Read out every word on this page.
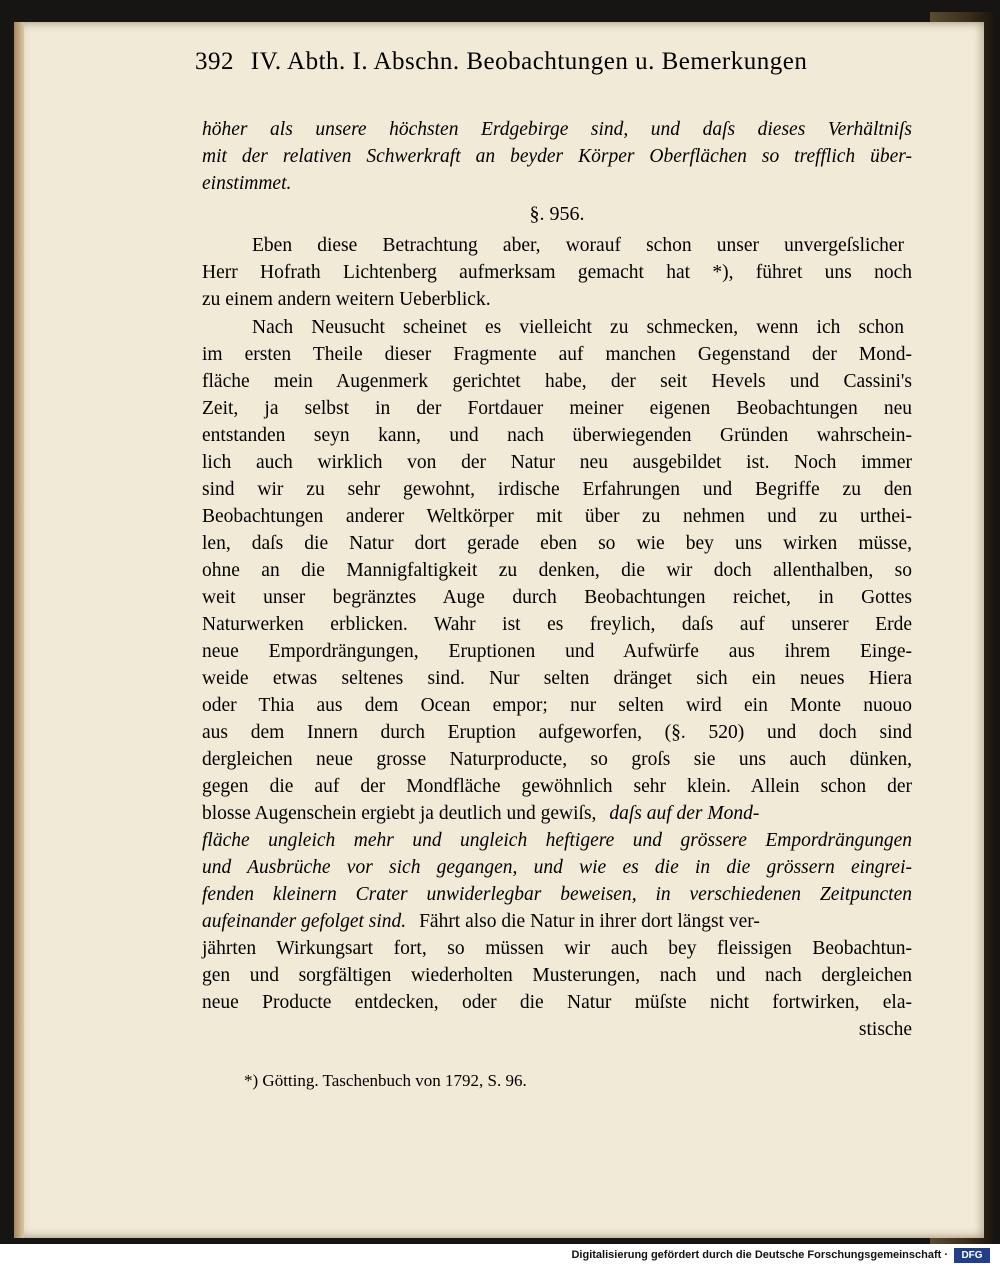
392 IV. Abth. I. Abschn. Beobachtungen u. Bemerkungen
höher als unsere höchsten Erdgebirge sind, und daſs dieses Verhältniſs
mit der relativen Schwerkraft an beyder Körper Oberflächen so trefflich über-
einstimmet.
§. 956.
Eben diese Betrachtung aber, worauf schon unser unvergeſslicher
Herr Hofrath Lichtenberg aufmerksam gemacht hat *), führet uns noch
zu einem andern weitern Ueberblick.
Nach Neusucht scheinet es vielleicht zu schmecken, wenn ich schon
im ersten Theile dieser Fragmente auf manchen Gegenstand der Mond-
fläche mein Augenmerk gerichtet habe, der seit Hevels und Cassini's
Zeit, ja selbst in der Fortdauer meiner eigenen Beobachtungen neu
entstanden seyn kann, und nach überwiegenden Gründen wahrschein-
lich auch wirklich von der Natur neu ausgebildet ist. Noch immer
sind wir zu sehr gewohnt, irdische Erfahrungen und Begriffe zu den
Beobachtungen anderer Weltkörper mit über zu nehmen und zu urthei-
len, daſs die Natur dort gerade eben so wie bey uns wirken müsse,
ohne an die Mannigfaltigkeit zu denken, die wir doch allenthalben, so
weit unser begränztes Auge durch Beobachtungen reichet, in Gottes
Naturwerken erblicken. Wahr ist es freylich, daſs auf unserer Erde
neue Empordrängungen, Eruptionen und Aufwürfe aus ihrem Einge-
weide etwas seltenes sind. Nur selten dränget sich ein neues Hiera
oder Thia aus dem Ocean empor; nur selten wird ein Monte nuouo
aus dem Innern durch Eruption aufgeworfen, (§. 520) und doch sind
dergleichen neue grosse Naturproducte, so groſs sie uns auch dünken,
gegen die auf der Mondfläche gewöhnlich sehr klein. Allein schon der
blosse Augenschein ergiebt ja deutlich und gewiſs, daſs auf der Mond-
fläche ungleich mehr und ungleich heftigere und grössere Empordrängungen
und Ausbrüche vor sich gegangen, und wie es die in die grössern eingrei-
fenden kleinern Crater unwiderlegbar beweisen, in verschiedenen Zeitpuncten
aufeinander gefolget sind. Fährt also die Natur in ihrer dort längst ver-
jährten Wirkungsart fort, so müssen wir auch bey fleissigen Beobachtun-
gen und sorgfältigen wiederholten Musterungen, nach und nach dergleichen
neue Producte entdecken, oder die Natur müſste nicht fortwirken, ela-
stische
*) Götting. Taschenbuch von 1792, S. 96.
Digitalisierung gefördert durch die Deutsche Forschungsgemeinschaft ·	DFG
